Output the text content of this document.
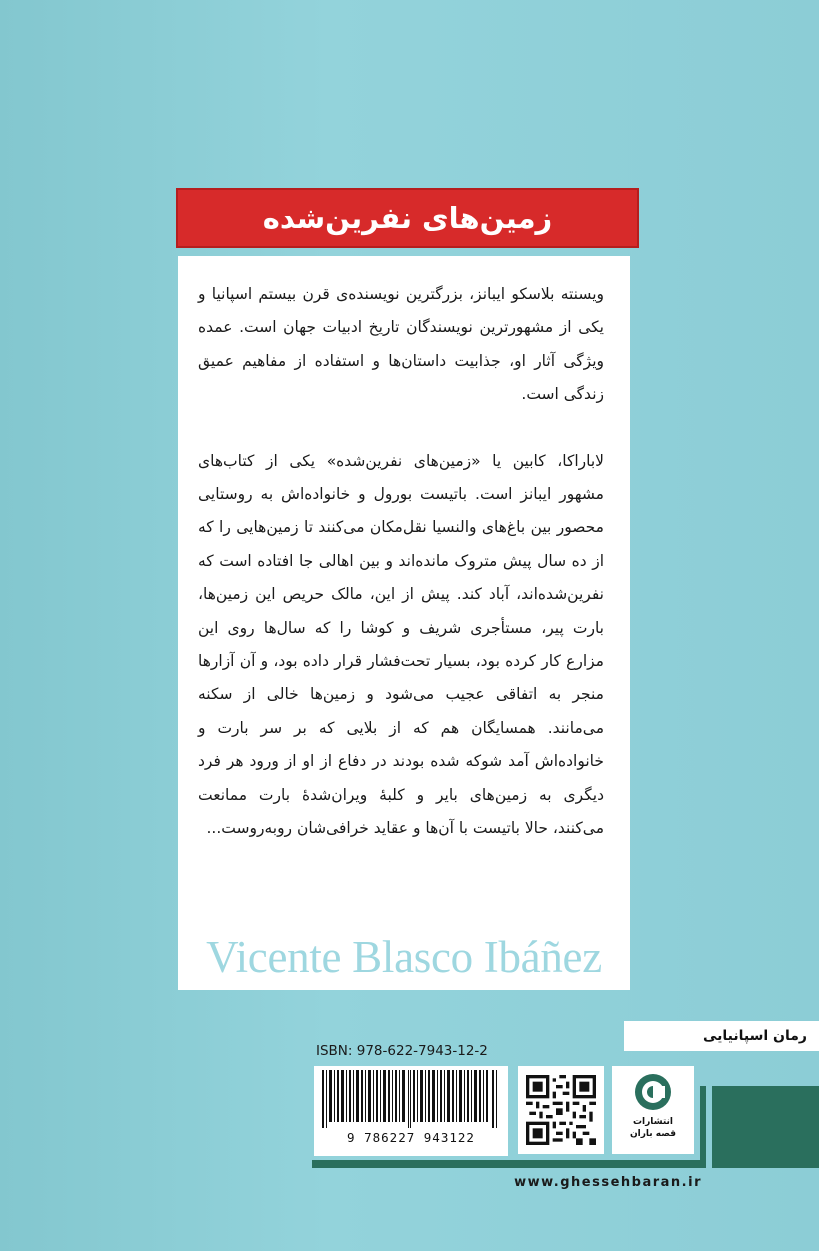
زمین‌های نفرین‌شده

ویسنته بلاسکو ایبانز، بزرگترین نویسنده‌ی قرن بیستم اسپانیا و یکی از مشهورترین نویسندگان تاریخ ادبیات جهان است. عمده ویژگی آثار او، جذابیت داستان‌ها و استفاده از مفاهیم عمیق زندگی است.

لاباراکا، کابین یا «زمین‌های نفرین‌شده» یکی از کتاب‌های مشهور ایبانز است. باتیست بورول و خانواده‌اش به روستایی محصور بین باغ‌های والنسیا نقل‌مکان می‌کنند تا زمین‌هایی را که از ده سال پیش متروک مانده‌اند و بین اهالی جا افتاده است که نفرین‌شده‌اند، آباد کند. پیش از این، مالک حریص این زمین‌ها، بارت پیر، مستأجری شریف و کوشا را که سال‌ها روی این مزارع کار کرده بود، بسیار تحت‌فشار قرار داده بود، و آن آزارها منجر به اتفاقی عجیب می‌شود و زمین‌ها خالی از سکنه می‌مانند. همسایگان هم که از بلایی که بر سر بارت و خانواده‌اش آمد شوکه شده بودند در دفاع از او از ورود هر فرد دیگری به زمین‌های بایر و کلبهٔ ویران‌شدهٔ بارت ممانعت می‌کنند، حالا باتیست با آن‌ها و عقاید خرافی‌شان روبه‌روست...

Vicente Blasco Ibáñez
رمان اسپانیایی
ISBN: 978-622-7943-12-2
9 786227 943122
انتشارات
قصه باران
www.ghessehbaran.ir
